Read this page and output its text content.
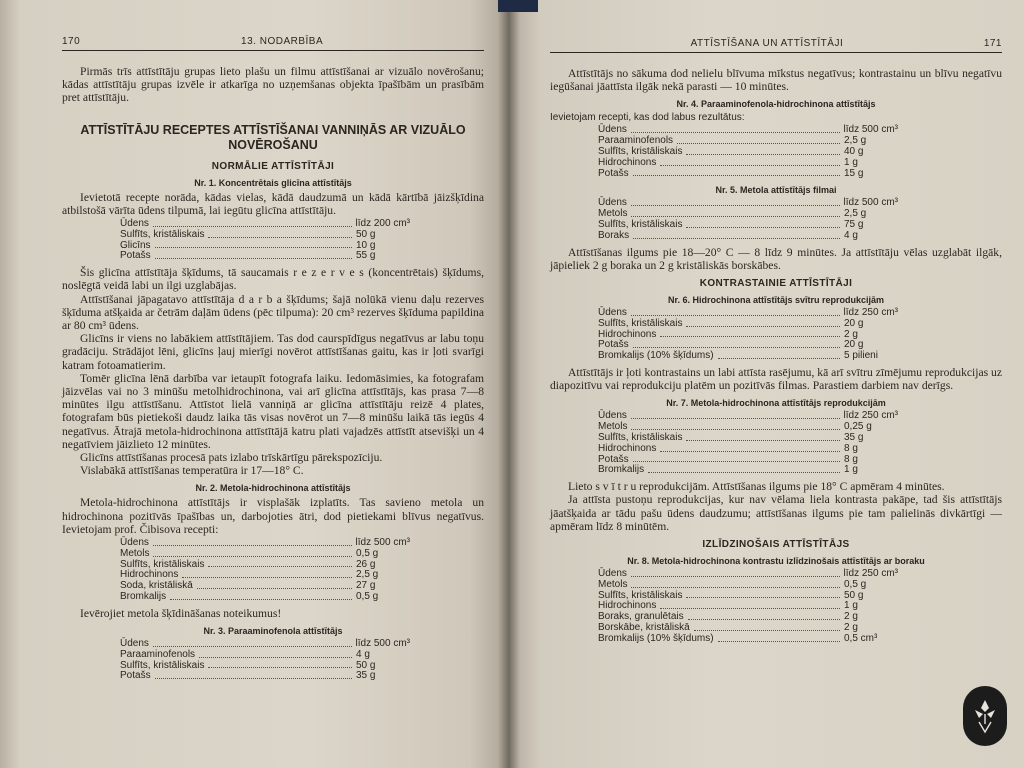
170	13. NODARBĪBA

Pirmās trīs attīstītāju grupas lieto plašu un filmu attīstīšanai ar vizuālo novērošanu; kādas attīstītāju grupas izvēle ir atkarīga no uzņemšanas objekta īpašībām un prasībām pret attīstītāju.

ATTĪSTĪTĀJU RECEPTES ATTĪSTĪŠANAI VANNIŅĀS AR VIZUĀLO NOVĒROŠANU
NORMĀLIE ATTĪSTĪTĀJI
Nr. 1. Koncentrētais glicīna attīstītājs

Ievietotā recepte norāda, kādas vielas, kādā daudzumā un kādā kārtībā jāizšķīdina atbilstošā vārīta ūdens tilpumā, lai iegūtu glicīna attīstītāju.

Ūdens	līdz 200 cm³
Sulfīts, kristāliskais	50 g
Glicīns	10 g
Potašs	55 g

Šis glicīna attīstītāja šķīdums, tā saucamais r e z e r v e s (koncentrētais) šķīdums, noslēgtā veidā labi un ilgi uzglabājas.

Attīstīšanai jāpagatavo attīstītāja d a r b a šķīdums; šajā nolūkā vienu daļu rezerves šķīduma atšķaida ar četrām daļām ūdens (pēc tilpuma): 20 cm³ rezerves šķīduma papildina ar 80 cm³ ūdens.

Glicīns ir viens no labākiem attīstītājiem. Tas dod caurspīdīgus negatīvus ar labu toņu gradāciju. Strādājot lēni, glicīns ļauj mierīgi novērot attīstīšanas gaitu, kas ir ļoti svarīgi katram fotoamatierim.

Tomēr glicīna lēnā darbība var ietaupīt fotografa laiku. Iedomāsimies, ka fotografam jāizvēlas vai no 3 minūšu metolhidrochinona, vai arī glicīna attīstītājs, kas prasa 7—8 minūtes ilgu attīstīšanu. Attīstot lielā vanniņā ar glicīna attīstītāju reizē 4 plates, fotografam būs pietiekoši daudz laika tās visas novērot un 7—8 minūšu laikā tās iegūs 4 negatīvus. Ātrajā metola-hidrochinona attīstītājā katru plati vajadzēs attīstīt atsevišķi un 4 negatīviem jāizlieto 12 minūtes.

Glicīns attīstīšanas procesā pats izlabo trīskārtīgu pārekspozīciju.

Vislabākā attīstīšanas temperatūra ir 17—18° C.

Nr. 2. Metola-hidrochinona attīstītājs

Metola-hidrochinona attīstītājs ir visplašāk izplatīts. Tas savieno metola un hidrochinona pozitīvās īpašības un, darbojoties ātri, dod pietiekami blīvus negatīvus. Ievietojam prof. Čibisova recepti:

Ūdens	līdz 500 cm³
Metols	0,5 g
Sulfīts, kristāliskais	26 g
Hidrochinons	2,5 g
Soda, kristāliskā	27 g
Bromkalijs	0,5 g

Ievērojiet metola šķīdināšanas noteikumus!

Nr. 3. Paraaminofenola attīstītājs
Ūdens	līdz 500 cm³
Paraaminofenols	4 g
Sulfīts, kristāliskais	50 g
Potašs	35 g
ATTĪSTĪŠANA UN ATTĪSTĪTĀJI	171

Attīstītājs no sākuma dod nelielu blīvuma mīkstus negatīvus; kontrastainu un blīvu negatīvu iegūšanai jāattīsta ilgāk nekā parasti — 10 minūtes.

Nr. 4. Paraaminofenola-hidrochinona attīstītājs
Ievietojam recepti, kas dod labus rezultātus:
Ūdens	līdz 500 cm³
Paraaminofenols	2,5 g
Sulfīts, kristāliskais	40 g
Hidrochinons	1 g
Potašs	15 g
Nr. 5. Metola attīstītājs filmai
Ūdens	līdz 500 cm³
Metols	2,5 g
Sulfīts, kristāliskais	75 g
Boraks	4 g

Attīstīšanas ilgums pie 18—20° C — 8 līdz 9 minūtes. Ja attīstītāju vēlas uzglabāt ilgāk, jāpieliek 2 g boraka un 2 g kristāliskās borskābes.

KONTRASTAINIE ATTĪSTĪTĀJI
Nr. 6. Hidrochinona attīstītājs svītru reprodukcijām
Ūdens	līdz 250 cm³
Sulfīts, kristāliskais	20 g
Hidrochinons	2 g
Potašs	20 g
Bromkalijs (10% šķīdums)	5 pilieni

Attīstītājs ir ļoti kontrastains un labi attīsta rasējumu, kā arī svītru zīmējumu reprodukcijas uz diapozitīvu vai reprodukciju platēm un pozitīvās filmas. Parastiem darbiem nav derīgs.

Nr. 7. Metola-hidrochinona attīstītājs reprodukcijām
Ūdens	līdz 250 cm³
Metols	0,25 g
Sulfīts, kristāliskais	35 g
Hidrochinons	8 g
Potašs	8 g
Bromkalijs	1 g

Lieto s v ī t r u reprodukcijām. Attīstīšanas ilgums pie 18° C apmēram 4 minūtes.

Ja attīsta pustoņu reprodukcijas, kur nav vēlama liela kontrasta pakāpe, tad šis attīstītājs jāatšķaida ar tādu pašu ūdens daudzumu; attīstīšanas ilgums pie tam palielinās divkārtīgi — apmēram līdz 8 minūtēm.

IZLĪDZINOŠAIS ATTĪSTĪTĀJS
Nr. 8. Metola-hidrochinona kontrastu izlīdzinošais attīstītājs ar boraku
Ūdens	līdz 250 cm³
Metols	0,5 g
Sulfīts, kristāliskais	50 g
Hidrochinons	1 g
Boraks, granulētais	2 g
Borskābe, kristāliskā	2 g
Bromkalijs (10% šķīdums)	0,5 cm³
